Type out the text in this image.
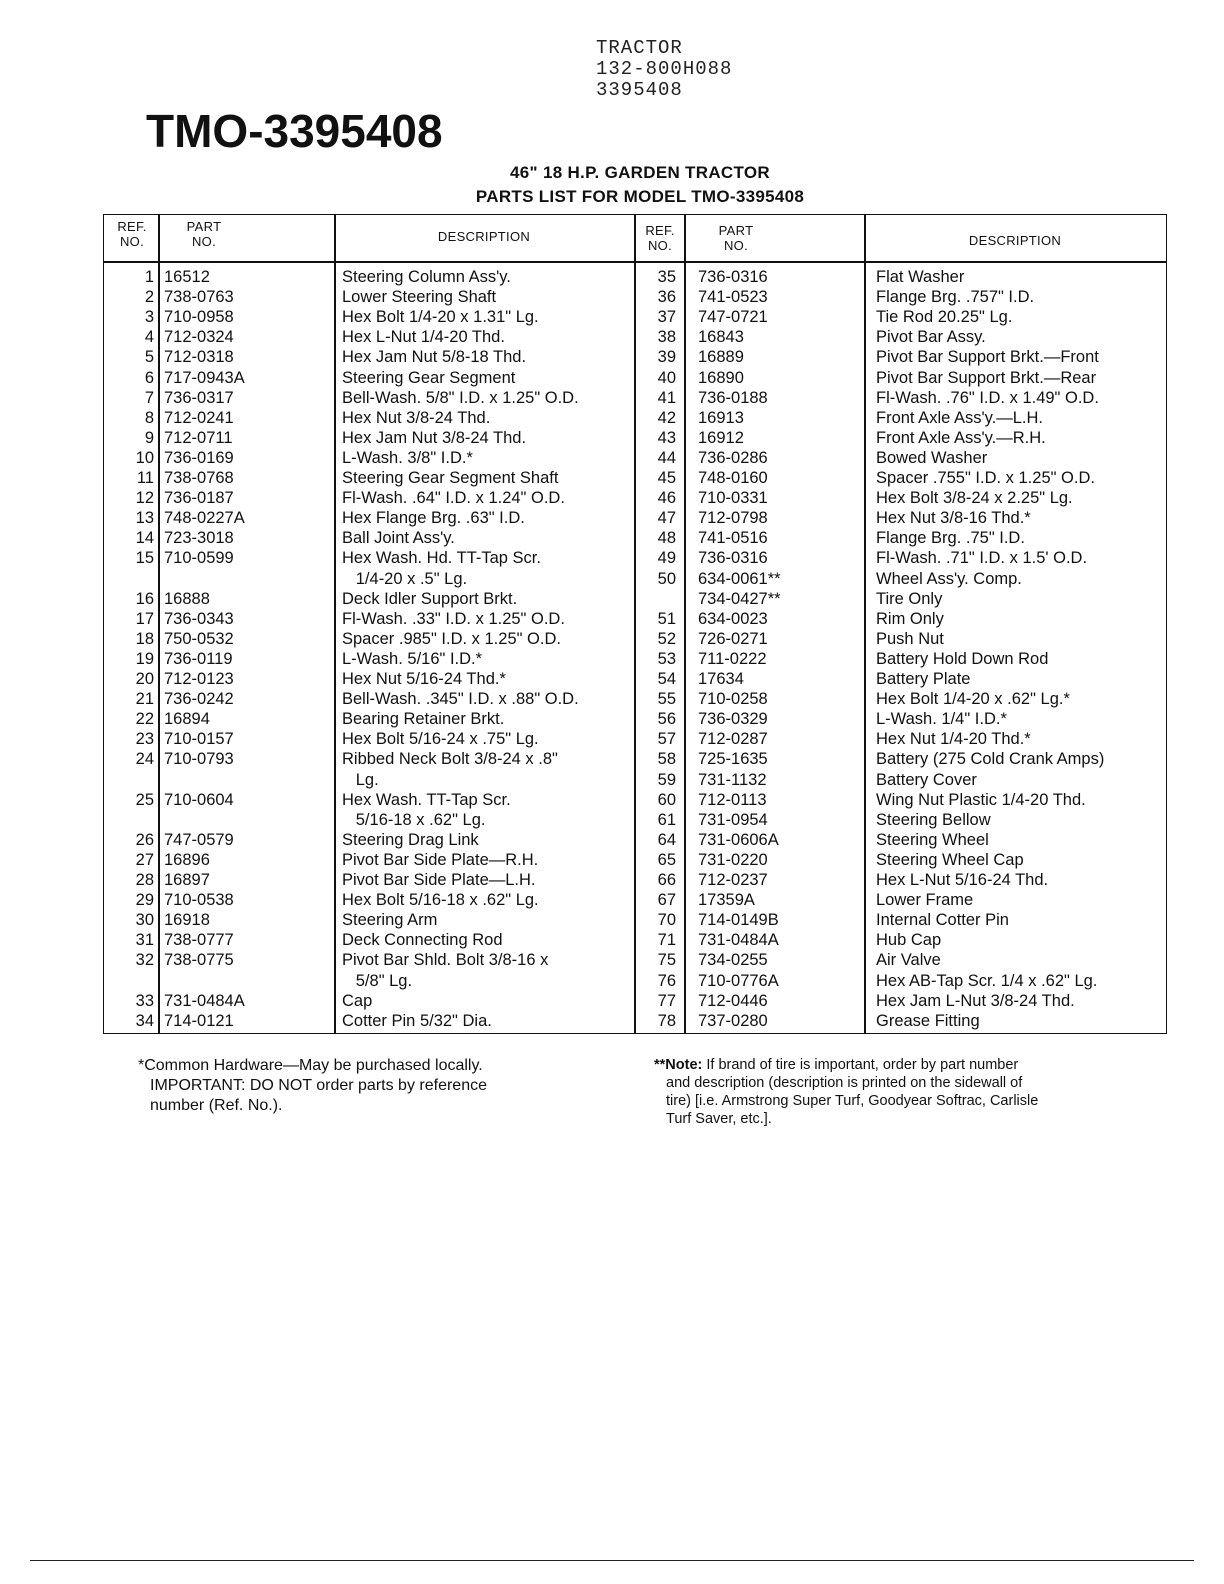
TRACTOR
132-800H088
3395408
TMO-3395408
46" 18 H.P. GARDEN TRACTOR
PARTS LIST FOR MODEL TMO-3395408
REF.
NO.
PART
NO.	DESCRIPTION	REF.
NO.
PART
NO.	DESCRIPTION
1 16512	Steering Column Ass'y.
2 738-0763	Lower Steering Shaft
3 710-0958	Hex Bolt 1/4-20 x 1.31" Lg.
4 712-0324	Hex L-Nut 1/4-20 Thd.
5 712-0318	Hex Jam Nut 5/8-18 Thd.
6 717-0943A	Steering Gear Segment
7 736-0317	Bell-Wash. 5/8" I.D. x 1.25" O.D.
8 712-0241	Hex Nut 3/8-24 Thd.
9 712-0711	Hex Jam Nut 3/8-24 Thd.
10 736-0169	L-Wash. 3/8" I.D.*
11 738-0768	Steering Gear Segment Shaft
12 736-0187	Fl-Wash. .64" I.D. x 1.24" O.D.
13 748-0227A	Hex Flange Brg. .63" I.D.
14 723-3018	Ball Joint Ass'y.
15 710-0599	Hex Wash. Hd. TT-Tap Scr.
1/4-20 x .5" Lg.
16 16888	Deck Idler Support Brkt.
17 736-0343	Fl-Wash. .33" I.D. x 1.25" O.D.
18 750-0532	Spacer .985" I.D. x 1.25" O.D.
19 736-0119	L-Wash. 5/16" I.D.*
20 712-0123	Hex Nut 5/16-24 Thd.*
21 736-0242	Bell-Wash. .345" I.D. x .88" O.D.
22 16894	Bearing Retainer Brkt.
23 710-0157	Hex Bolt 5/16-24 x .75" Lg.
24 710-0793	Ribbed Neck Bolt 3/8-24 x .8"
Lg.
25 710-0604	Hex Wash. TT-Tap Scr.
5/16-18 x .62" Lg.
26 747-0579	Steering Drag Link
27 16896	Pivot Bar Side Plate—R.H.
28 16897	Pivot Bar Side Plate—L.H.
29 710-0538	Hex Bolt 5/16-18 x .62" Lg.
30 16918	Steering Arm
31 738-0777	Deck Connecting Rod
32 738-0775	Pivot Bar Shld. Bolt 3/8-16 x
5/8" Lg.
33 731-0484A	Cap
34 714-0121	Cotter Pin 5/32" Dia.
35 736-0316	Flat Washer
36 741-0523	Flange Brg. .757" I.D.
37 747-0721	Tie Rod 20.25" Lg.
38 16843	Pivot Bar Assy.
39 16889	Pivot Bar Support Brkt.—Front
40 16890	Pivot Bar Support Brkt.—Rear
41 736-0188	Fl-Wash. .76" I.D. x 1.49" O.D.
42 16913	Front Axle Ass'y.—L.H.
43 16912	Front Axle Ass'y.—R.H.
44 736-0286	Bowed Washer
45 748-0160	Spacer .755" I.D. x 1.25" O.D.
46 710-0331	Hex Bolt 3/8-24 x 2.25" Lg.
47 712-0798	Hex Nut 3/8-16 Thd.*
48 741-0516	Flange Brg. .75" I.D.
49 736-0316	Fl-Wash. .71" I.D. x 1.5' O.D.
50 634-0061**	Wheel Ass'y. Comp.
734-0427**	Tire Only
51 634-0023	Rim Only
52 726-0271	Push Nut
53 711-0222	Battery Hold Down Rod
54 17634	Battery Plate
55 710-0258	Hex Bolt 1/4-20 x .62" Lg.*
56 736-0329	L-Wash. 1/4" I.D.*
57 712-0287	Hex Nut 1/4-20 Thd.*
58 725-1635	Battery (275 Cold Crank Amps)
59 731-1132	Battery Cover
60 712-0113	Wing Nut Plastic 1/4-20 Thd.
61 731-0954	Steering Bellow
64 731-0606A	Steering Wheel
65 731-0220	Steering Wheel Cap
66 712-0237	Hex L-Nut 5/16-24 Thd.
67 17359A	Lower Frame
70 714-0149B	Internal Cotter Pin
71 731-0484A	Hub Cap
75 734-0255	Air Valve
76 710-0776A	Hex AB-Tap Scr. 1/4 x .62" Lg.
77 712-0446	Hex Jam L-Nut 3/8-24 Thd.
78 737-0280	Grease Fitting
*Common Hardware—May be purchased locally.
IMPORTANT: DO NOT order parts by reference
number (Ref. No.).
**Note: If brand of tire is important, order by part number
and description (description is printed on the sidewall of
tire) [i.e. Armstrong Super Turf, Goodyear Softrac, Carlisle
Turf Saver, etc.].
